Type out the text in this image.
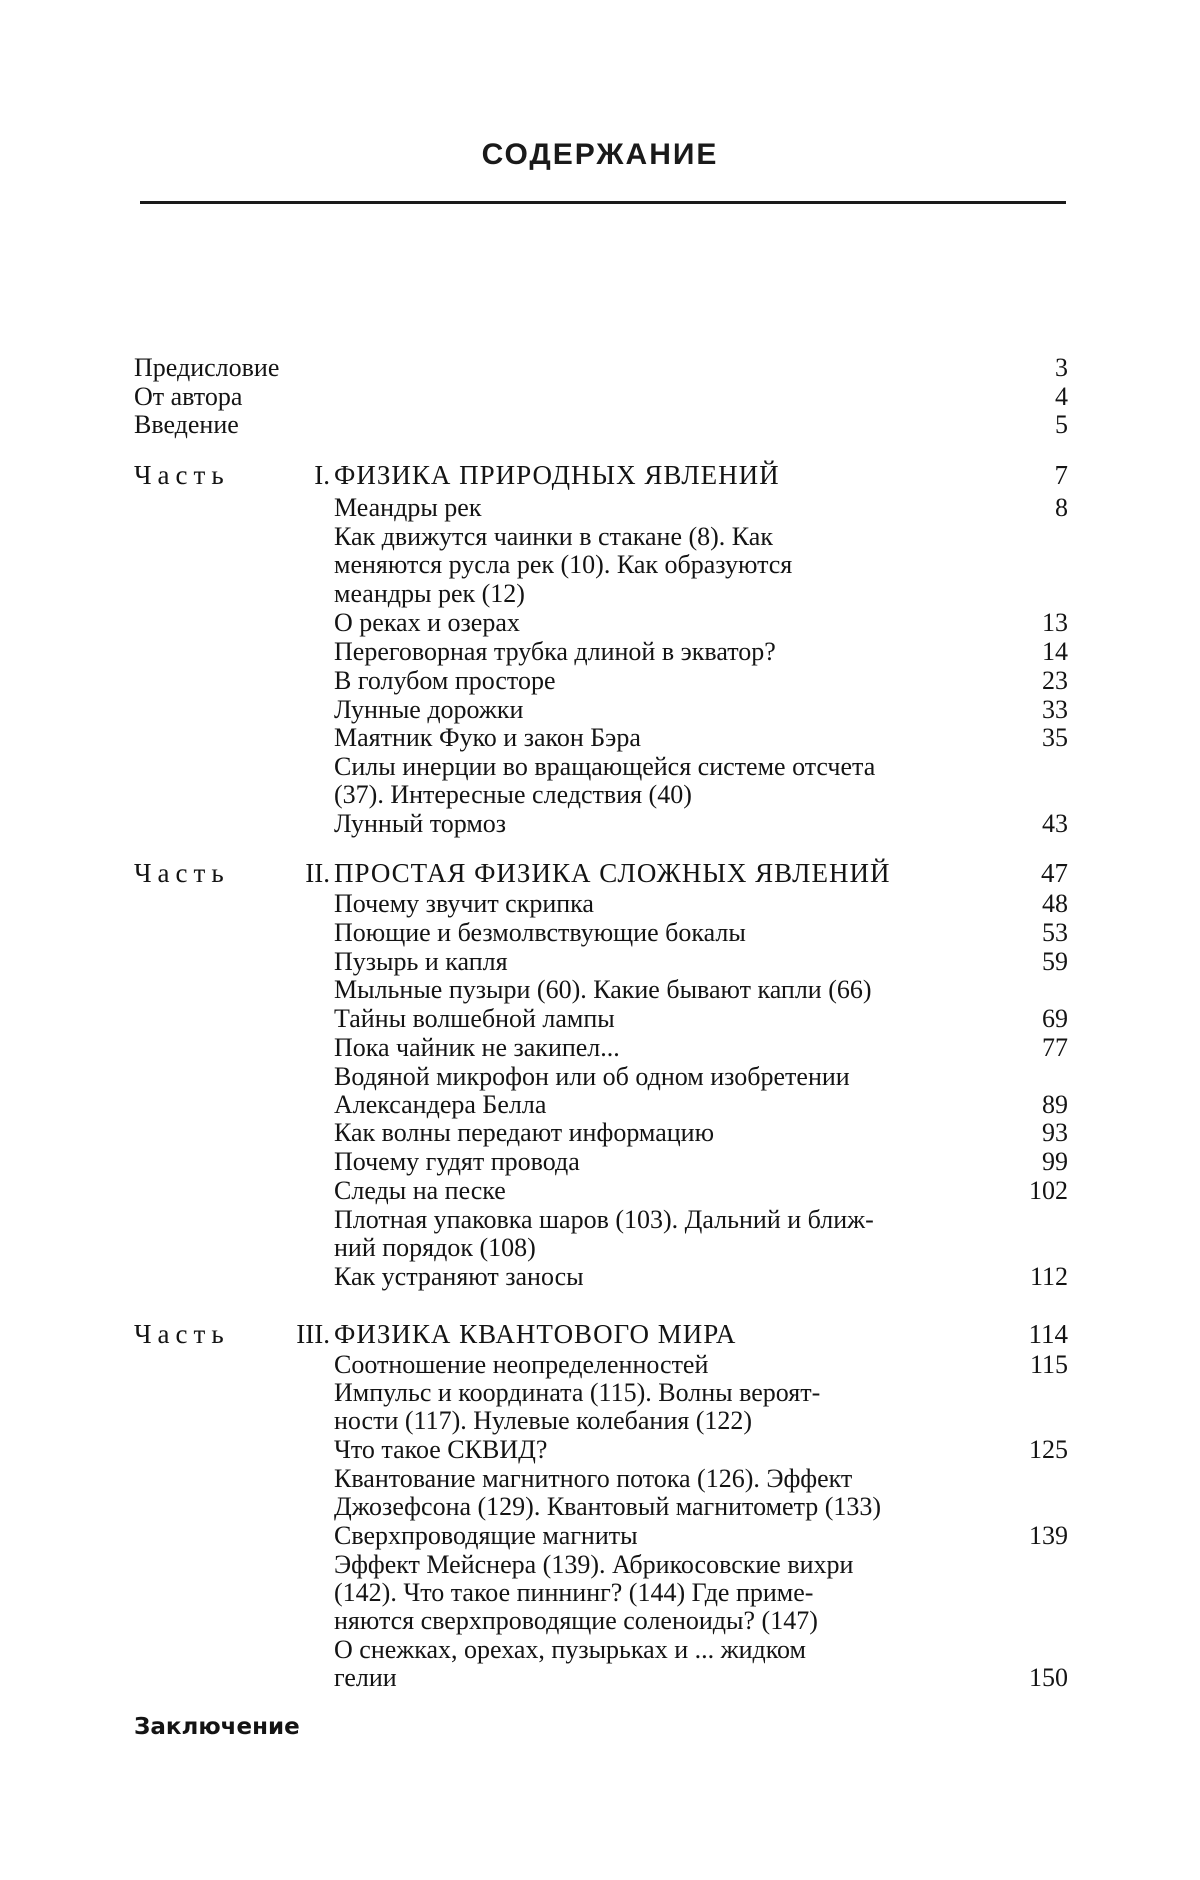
СОДЕРЖАНИЕ
Предисловие	3
От автора	4
Введение	5
Часть	I. ФИЗИКА ПРИРОДНЫХ ЯВЛЕНИЙ	7
Меандры рек	8
Как движутся чаинки в стакане (8). Как
меняются русла рек (10). Как образуются
меандры рек (12)
О реках и озерах	13
Переговорная трубка длиной в экватор?	14
В голубом просторе	23
Лунные дорожки	33
Маятник Фуко и закон Бэра	35
Силы инерции во вращающейся системе отсчета
(37). Интересные следствия (40)
Лунный тормоз	43
Часть	II. ПРОСТАЯ ФИЗИКА СЛОЖНЫХ ЯВЛЕНИЙ	47
Почему звучит скрипка	48
Поющие и безмолвствующие бокалы	53
Пузырь и капля	59
Мыльные пузыри (60). Какие бывают капли (66)
Тайны волшебной лампы	69
Пока чайник не закипел...	77
Водяной микрофон или об одном изобретении
Александера Белла	89
Как волны передают информацию	93
Почему гудят провода	99
Следы на песке	102
Плотная упаковка шаров (103). Дальний и ближ-
ний порядок (108)
Как устраняют заносы	112
Часть III. ФИЗИКА КВАНТОВОГО МИРА	114
Соотношение неопределенностей	115
Импульс и координата (115). Волны вероят-
ности (117). Нулевые колебания (122)
Что такое СКВИД?	125
Квантование магнитного потока (126). Эффект
Джозефсона (129). Квантовый магнитометр (133)
Сверхпроводящие магниты	139
Эффект Мейснера (139). Абрикосовские вихри
(142). Что такое пиннинг? (144) Где приме-
няются сверхпроводящие соленоиды? (147)
О снежках, орехах, пузырьках и ... жидком
гелии	150
Заключение
